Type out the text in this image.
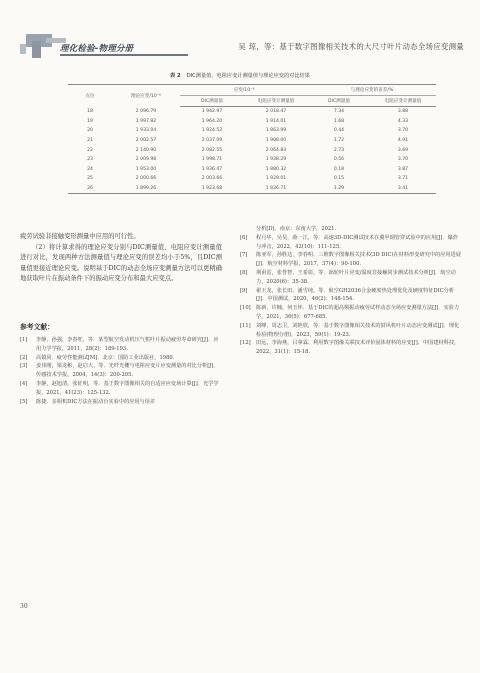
理化检验-物理分册	吴 琼，等：基于数字图像相关技术的大尺寸叶片动态全场应变测量
表 2 DIC测量值、电阻应变计测量值与理论应变的对比结果
点位	理论应变/10⁻⁶	应变/10⁻⁶		与理论应变的误差/%	
		DIC测量值	电阻应变计测量值	DIC测量值	电阻应变计测量值
18	2 096.79	1 942.97	2 018.47	7.34	3.88
19	1 997.82	1 964.20	1 914.01	1.68	4.33
20	1 933.04	1 924.52	1 863.99	0.44	3.70
21	2 002.57	2 037.09	1 908.00	1.72	4.91
22	2 140.90	2 082.55	2 064.83	2.73	3.69
23	2 009.98	1 998.71	1 938.29	0.56	3.70
24	1 953.00	1 936.47	1 880.32	0.18	3.87
25	2 000.66	2 003.66	1 929.01	0.15	3.71
26	1 899.26	1 923.68	1 836.71	1.29	3.41

疲劳试验非接触变形测量中应用的可行性。

（2）将计算求得的理论应变分别与DIC测量值、电阻应变计测量值进行对比，发现两种方法测量值与理论应变的误差均小于5%，且DIC测量值更接近理论应变。说明基于DIC的动态全场应变测量方法可以更精确地获取叶片在振动条件下的振动应变分布和最大应变点。

参考文献：
[1] 李静，孙强，李春旺，等．某型航空发动机压气机叶片振动疲劳寿命研究[J]．应用力学学报，2011，28(2)：189-193.
[2] 高镇同．疲劳性能测试[M]．北京：国防工业出版社，1980.
[3] 姜伟刚，梁龙彬，赵启大，等．光纤光栅与电阻应变片应变测量的对比分析[J]．传感技术学报，2004，14(3)：200-205.
[4] 李静，赵旭清，张征明，等．基于数字图像相关的自适应应变场计算[J]．光学学报，2021，41(23)：125-132.
[5] 陈捷．多相机DIC方法在振动台实验中的应用与误差
分析[D]．南京：东南大学，2021.
[6] 程月华，吴昊，薛一江，等．高速3D-DIC测试技术在翼甲钢管穿试验中的应用[J]．爆炸与冲击，2022，42(10)：111-125.
[7] 陈亚军，孙胜达，李春明．三维数字图像相关技术(3D DIC)在材料形变研究中的应用进展[J]．航空材料学报，2017，37(4)：90-100.
[8] 荆甫雷，张誉智，王希影，等．涡轮叶片应变/温度非接触同步测试技术分析[J]．航空动力，2020(6)：35-38.
[9] 翟玉龙，张长田，潘雪纯，等．航空GH2036合金硬度热处理优化及硬度特征DIC分析[J]．中国测试，2020，46(2)：148-154.
[10] 陈新，许楠，何玉怀．基于DIC的超高频振动疲劳试样动态全场应变测量方法[J]．实验力学，2021，36(5)：677-685.
[11] 刘峰，周志卫，刘艳欣，等．基于数字图像相关技术的鼓风机叶片动态应变测试[J]．理化检验(物理分册)，2023，59(1)：19-23.
[12] 田远，李海燕，吕拿霖．利用数字图像关联技术评价固体材料的应变[J]．中国建材科技，2022，31(1)：15-18.
30
